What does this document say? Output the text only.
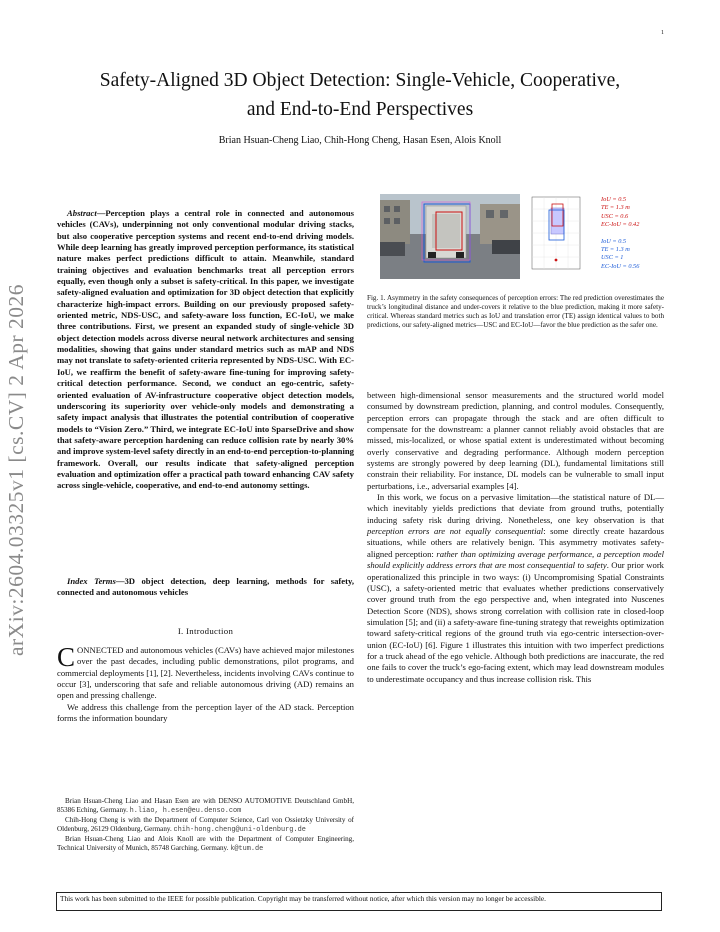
1
arXiv:2604.03325v1 [cs.CV] 2 Apr 2026
Safety-Aligned 3D Object Detection: Single-Vehicle, Cooperative,
and End-to-End Perspectives
Brian Hsuan-Cheng Liao, Chih-Hong Cheng, Hasan Esen, Alois Knoll

Abstract—Perception plays a central role in connected and autonomous vehicles (CAVs), underpinning not only conventional modular driving stacks, but also cooperative perception systems and recent end-to-end driving models. While deep learning has greatly improved perception performance, its statistical nature makes perfect predictions difficult to attain. Meanwhile, standard training objectives and evaluation benchmarks treat all perception errors equally, even though only a subset is safety-critical. In this paper, we investigate safety-aligned evaluation and optimization for 3D object detection that explicitly characterize high-impact errors. Building on our previously proposed safety-oriented metric, NDS-USC, and safety-aware loss function, EC-IoU, we make three contributions. First, we present an expanded study of single-vehicle 3D object detection models across diverse neural network architectures and sensing modalities, showing that gains under standard metrics such as mAP and NDS may not translate to safety-oriented criteria represented by NDS-USC. With EC-IoU, we reaffirm the benefit of safety-aware fine-tuning for improving safety-critical detection performance. Second, we conduct an ego-centric, safety-oriented evaluation of AV-infrastructure cooperative object detection models, underscoring its superiority over vehicle-only models and demonstrating a safety impact analysis that illustrates the potential contribution of cooperative models to “Vision Zero.” Third, we integrate EC-IoU into SparseDrive and show that safety-aware perception hardening can reduce collision rate by nearly 30% and improve system-level safety directly in an end-to-end perception-to-planning framework. Overall, our results indicate that safety-aligned perception evaluation and optimization offer a practical path toward enhancing CAV safety across single-vehicle, cooperative, and end-to-end autonomy settings.

Index Terms—3D object detection, deep learning, methods for safety, connected and autonomous vehicles

I. Introduction

CONNECTED and autonomous vehicles (CAVs) have achieved major milestones over the past decades, including public demonstrations, pilot programs, and commercial deployments [1], [2]. Nevertheless, incidents involving CAVs continue to occur [3], underscoring that safe and reliable autonomous driving (AD) remains an open and pressing challenge.

We address this challenge from the perception layer of the AD stack. Perception forms the information boundary

Brian Hsuan-Cheng Liao and Hasan Esen are with DENSO AUTOMOTIVE Deutschland GmbH, 85386 Eching, Germany. h.liao, h.esen@eu.denso.com

Chih-Hong Cheng is with the Department of Computer Science, Carl von Ossietzky University of Oldenburg, 26129 Oldenburg, Germany. chih-hong.cheng@uni-oldenburg.de

Brian Hsuan-Cheng Liao and Alois Knoll are with the Department of Computer Engineering, Technical University of Munich, 85748 Garching, Germany. k@tum.de

This work has been submitted to the IEEE for possible publication. Copyright may be transferred without notice, after which this version may no longer be accessible.
IoU = 0.5
TE = 1.3 m
USC = 0.6
EC-IoU = 0.42
IoU = 0.5
TE = 1.3 m
USC = 1
EC-IoU = 0.56
Fig. 1. Asymmetry in the safety consequences of perception errors: The red prediction overestimates the truck’s longitudinal distance and under-covers it relative to the blue prediction, making it more safety-critical. Whereas standard metrics such as IoU and translation error (TE) assign identical values to both predictions, our safety-aligned metrics—USC and EC-IoU—favor the blue prediction as the safer one.

between high-dimensional sensor measurements and the structured world model consumed by downstream prediction, planning, and control modules. Consequently, perception errors can propagate through the stack and are often difficult to compensate for the downstream: a planner cannot reliably avoid obstacles that are missed, mis-localized, or whose spatial extent is underestimated without becoming overly conservative and degrading performance. Although modern perception systems are strongly powered by deep learning (DL), fundamental limitations still constrain their reliability. For instance, DL models can be vulnerable to small input perturbations, i.e., adversarial examples [4].

In this work, we focus on a pervasive limitation—the statistical nature of DL—which inevitably yields predictions that deviate from ground truths, potentially inducing safety risk during driving. Nonetheless, one key observation is that perception errors are not equally consequential: some directly create hazardous situations, while others are relatively benign. This asymmetry motivates safety-aligned perception: rather than optimizing average performance, a perception model should explicitly address errors that are most consequential to safety. Our prior work operationalized this principle in two ways: (i) Uncompromising Spatial Constraints (USC), a safety-oriented metric that evaluates whether predictions conservatively cover ground truth from the ego perspective and, when integrated into Nuscenes Detection Score (NDS), shows strong correlation with collision rate in closed-loop simulation [5]; and (ii) a safety-aware fine-tuning strategy that reweights optimization toward safety-critical regions of the ground truth via ego-centric intersection-over-union (EC-IoU) [6]. Figure 1 illustrates this intuition with two imperfect predictions for a truck ahead of the ego vehicle. Although both predictions are inaccurate, the red one fails to cover the truck’s ego-facing extent, which may lead downstream modules to underestimate occupancy and thus increase collision risk. This
